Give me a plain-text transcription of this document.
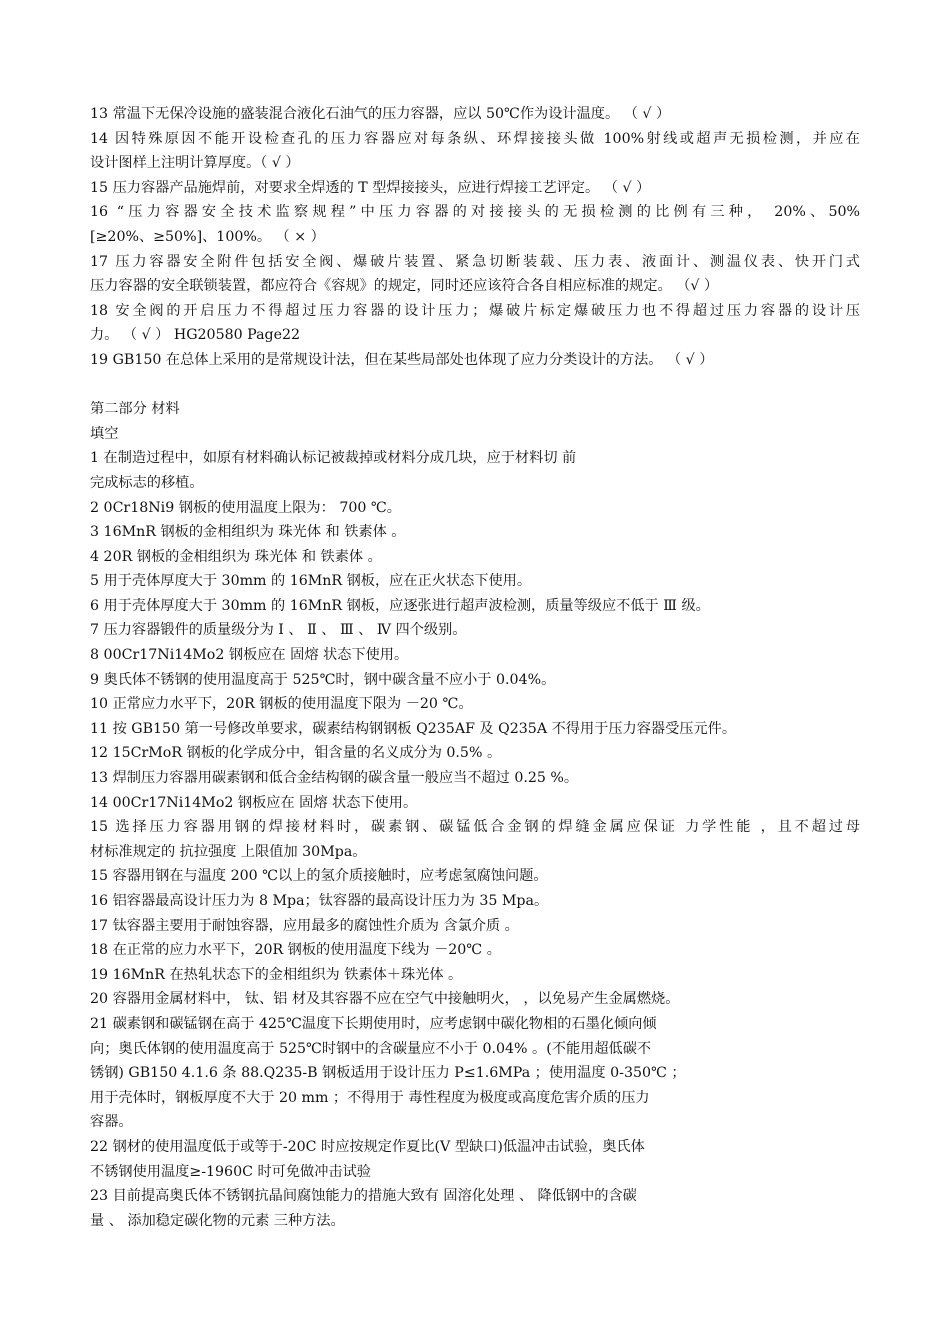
13 常温下无保冷设施的盛装混合液化石油气的压力容器，应以 50℃作为设计温度。 （ √ ）
14 因特殊原因不能开设检查孔的压力容器应对每条纵、环焊接接头做 100%射线或超声无损检测，并应在
设计图样上注明计算厚度。（ √ ）
15 压力容器产品施焊前，对要求全焊透的 T 型焊接接头，应进行焊接工艺评定。 （ √ ）
16 “压力容器安全技术监察规程”中压力容器的对接接头的无损检测的比例有三种， 20%、50%
[≥20%、≥50%]、100%。 （ × ）
17 压力容器安全附件包括安全阀、爆破片装置、紧急切断装载、压力表、液面计、测温仪表、快开门式
压力容器的安全联锁装置，都应符合《容规》的规定，同时还应该符合各自相应标准的规定。 （√ ）
18 安全阀的开启压力不得超过压力容器的设计压力；爆破片标定爆破压力也不得超过压力容器的设计压
力。 （ √ ） HG20580 Page22
19 GB150 在总体上采用的是常规设计法，但在某些局部处也体现了应力分类设计的方法。 （ √ ）
第二部分 材料
填空
1 在制造过程中，如原有材料确认标记被裁掉或材料分成几块，应于材料切 前
完成标志的移植。
2 0Cr18Ni9 钢板的使用温度上限为： 700 ℃。
3 16MnR 钢板的金相组织为 珠光体 和 铁素体 。
4 20R 钢板的金相组织为 珠光体 和 铁素体 。
5 用于壳体厚度大于 30mm 的 16MnR 钢板，应在正火状态下使用。
6 用于壳体厚度大于 30mm 的 16MnR 钢板，应逐张进行超声波检测，质量等级应不低于 Ⅲ 级。
7 压力容器锻件的质量级分为 Ⅰ 、 Ⅱ 、 Ⅲ 、 Ⅳ 四个级别。
8 00Cr17Ni14Mo2 钢板应在 固熔 状态下使用。
9 奥氏体不锈钢的使用温度高于 525℃时，钢中碳含量不应小于 0.04%。
10 正常应力水平下，20R 钢板的使用温度下限为 －20 ℃。
11 按 GB150 第一号修改单要求，碳素结构钢钢板 Q235AF 及 Q235A 不得用于压力容器受压元件。
12 15CrMoR 钢板的化学成分中，钼含量的名义成分为 0.5% 。
13 焊制压力容器用碳素钢和低合金结构钢的碳含量一般应当不超过 0.25 %。
14 00Cr17Ni14Mo2 钢板应在 固熔 状态下使用。
15 选择压力容器用钢的焊接材料时，碳素钢、碳锰低合金钢的焊缝金属应保证 力学性能 ，且不超过母
材标准规定的 抗拉强度 上限值加 30Mpa。
15 容器用钢在与温度 200 ℃以上的氢介质接触时，应考虑氢腐蚀问题。
16 铝容器最高设计压力为 8 Mpa；钛容器的最高设计压力为 35 Mpa。
17 钛容器主要用于耐蚀容器，应用最多的腐蚀性介质为 含氯介质 。
18 在正常的应力水平下，20R 钢板的使用温度下线为 －20℃ 。
19 16MnR 在热轧状态下的金相组织为 铁素体＋珠光体 。
20 容器用金属材料中， 钛、铝 材及其容器不应在空气中接触明火， ，以免易产生金属燃烧。
21 碳素钢和碳锰钢在高于 425℃温度下长期使用时，应考虑钢中碳化物相的石墨化倾向倾
向；奥氏体钢的使用温度高于 525℃时钢中的含碳量应不小于 0.04% 。(不能用超低碳不
锈钢) GB150 4.1.6 条 88.Q235-B 钢板适用于设计压力 P≤1.6MPa ；使用温度 0-350℃ ；
用于壳体时，钢板厚度不大于 20 mm ；不得用于 毒性程度为极度或高度危害介质的压力
容器。
22 钢材的使用温度低于或等于-20C 时应按规定作夏比(V 型缺口)低温冲击试验，奥氏体
不锈钢使用温度≥-1960C 时可免做冲击试验
23 目前提高奥氏体不锈钢抗晶间腐蚀能力的措施大致有 固溶化处理 、 降低钢中的含碳
量 、 添加稳定碳化物的元素 三种方法。
